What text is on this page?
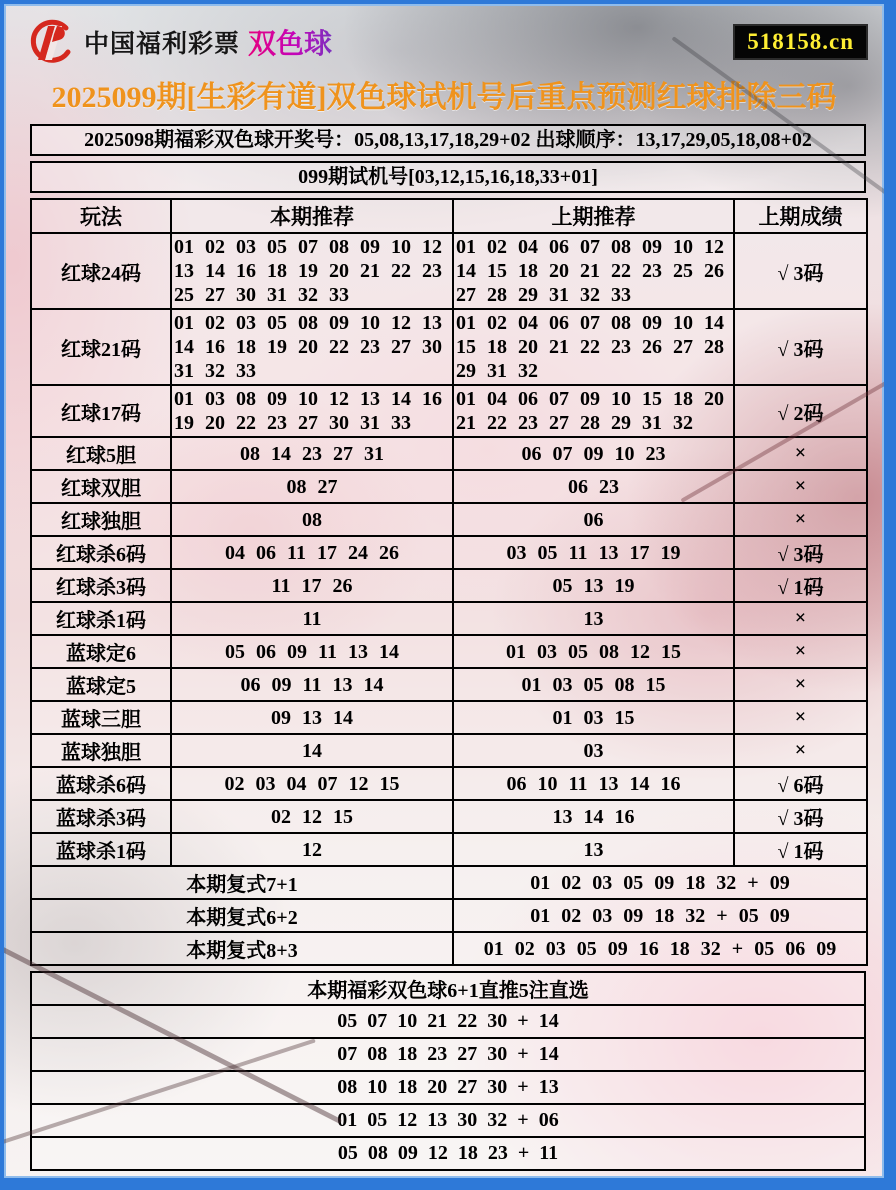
中国福利彩票 双色球	518158.cn
2025099期[生彩有道]双色球试机号后重点预测红球排除三码
2025098期福彩双色球开奖号：05,08,13,17,18,29+02 出球顺序：13,17,29,05,18,08+02
099期试机号[03,12,15,16,18,33+01]
玩法	本期推荐	上期推荐	上期成绩
红球24码	01 02 03 05 07 08 09 10 12 13 14 16 18 19 20 21 22 23 25 27 30 31 32 33	01 02 04 06 07 08 09 10 12 14 15 18 20 21 22 23 25 26 27 28 29 31 32 33	√ 3码
红球21码	01 02 03 05 08 09 10 12 13 14 16 18 19 20 22 23 27 30 31 32 33	01 02 04 06 07 08 09 10 14 15 18 20 21 22 23 26 27 28 29 31 32	√ 3码
红球17码	01 03 08 09 10 12 13 14 16 19 20 22 23 27 30 31 33	01 04 06 07 09 10 15 18 20 21 22 23 27 28 29 31 32	√ 2码
红球5胆	08 14 23 27 31	06 07 09 10 23	×
红球双胆	08 27	06 23	×
红球独胆	08	06	×
红球杀6码	04 06 11 17 24 26	03 05 11 13 17 19	√ 3码
红球杀3码	11 17 26	05 13 19	√ 1码
红球杀1码	11	13	×
蓝球定6	05 06 09 11 13 14	01 03 05 08 12 15	×
蓝球定5	06 09 11 13 14	01 03 05 08 15	×
蓝球三胆	09 13 14	01 03 15	×
蓝球独胆	14	03	×
蓝球杀6码	02 03 04 07 12 15	06 10 11 13 14 16	√ 6码
蓝球杀3码	02 12 15	13 14 16	√ 3码
蓝球杀1码	12	13	√ 1码
本期复式7+1		01 02 03 05 09 18 32 + 09	
本期复式6+2		01 02 03 09 18 32 + 05 09	
本期复式8+3		01 02 03 05 09 16 18 32 + 05 06 09	
本期福彩双色球6+1直推5注直选
05 07 10 21 22 30 + 14
07 08 18 23 27 30 + 14
08 10 18 20 27 30 + 13
01 05 12 13 30 32 + 06
05 08 09 12 18 23 + 11
